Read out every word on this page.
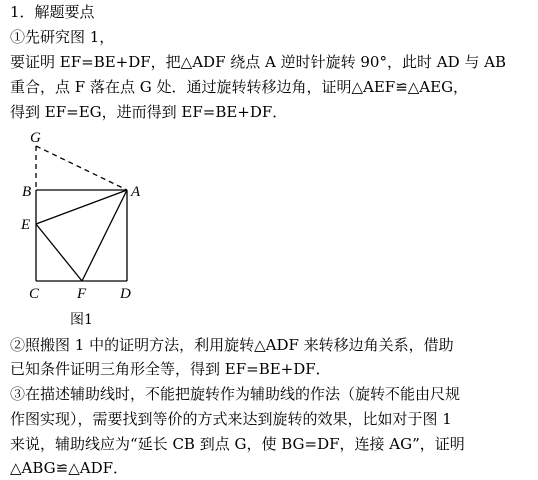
1．解题要点
①先研究图 1，
要证明 EF=BE+DF，把△ADF 绕点 A 逆时针旋转 90°，此时 AD 与 AB
重合，点 F 落在点 G 处．通过旋转转移边角，证明△AEF≌△AEG，
得到 EF=EG，进而得到 EF=BE+DF．
G
B	A
E
C	F D
图1
②照搬图 1 中的证明方法，利用旋转△ADF 来转移边角关系，借助
已知条件证明三角形全等，得到 EF=BE+DF．
③在描述辅助线时，不能把旋转作为辅助线的作法（旋转不能由尺规
作图实现），需要找到等价的方式来达到旋转的效果，比如对于图 1
来说，辅助线应为“延长 CB 到点 G，使 BG=DF，连接 AG”，证明
△ABG≌△ADF．
